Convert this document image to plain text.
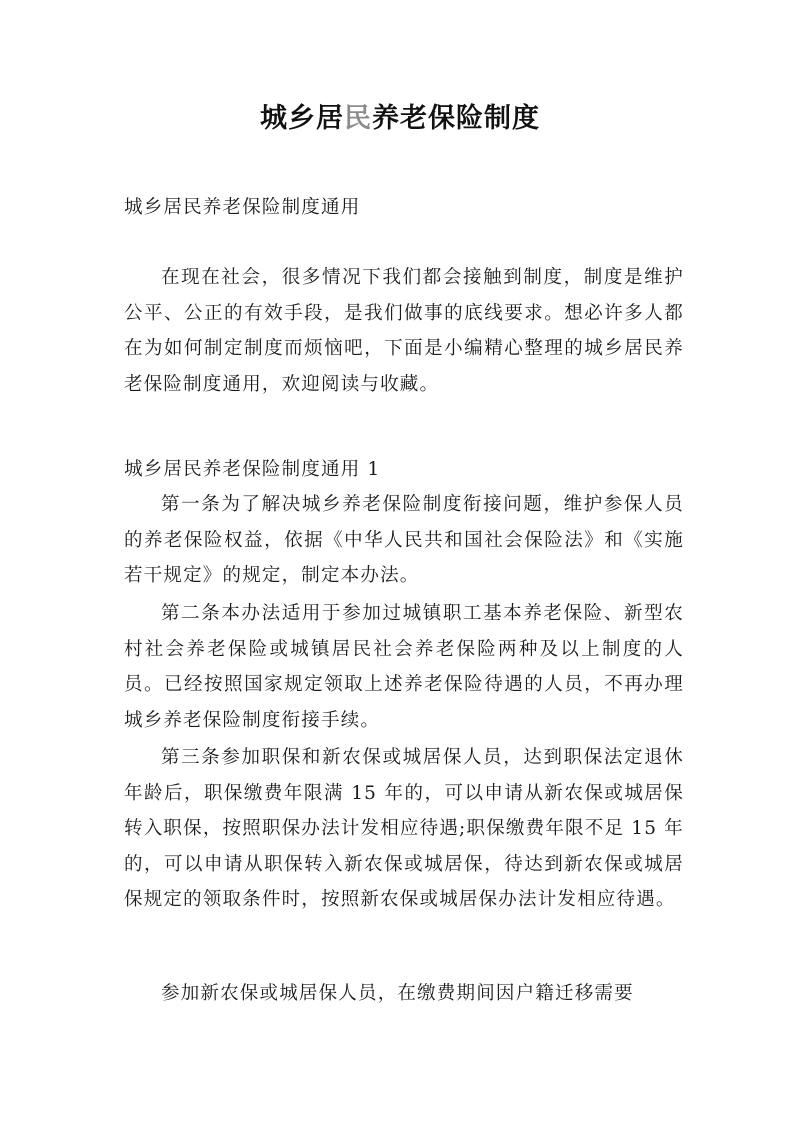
城乡居民养老保险制度

城乡居民养老保险制度通用

在现在社会，很多情况下我们都会接触到制度，制度是维护公平、公正的有效手段，是我们做事的底线要求。想必许多人都在为如何制定制度而烦恼吧，下面是小编精心整理的城乡居民养老保险制度通用，欢迎阅读与收藏。

城乡居民养老保险制度通用 1

第一条为了解决城乡养老保险制度衔接问题，维护参保人员的养老保险权益，依据《中华人民共和国社会保险法》和《实施若干规定》的规定，制定本办法。

第二条本办法适用于参加过城镇职工基本养老保险、新型农村社会养老保险或城镇居民社会养老保险两种及以上制度的人员。已经按照国家规定领取上述养老保险待遇的人员，不再办理城乡养老保险制度衔接手续。

第三条参加职保和新农保或城居保人员，达到职保法定退休年龄后，职保缴费年限满 15 年的，可以申请从新农保或城居保转入职保，按照职保办法计发相应待遇;职保缴费年限不足 15 年的，可以申请从职保转入新农保或城居保，待达到新农保或城居保规定的领取条件时，按照新农保或城居保办法计发相应待遇。

参加新农保或城居保人员，在缴费期间因户籍迁移需要
